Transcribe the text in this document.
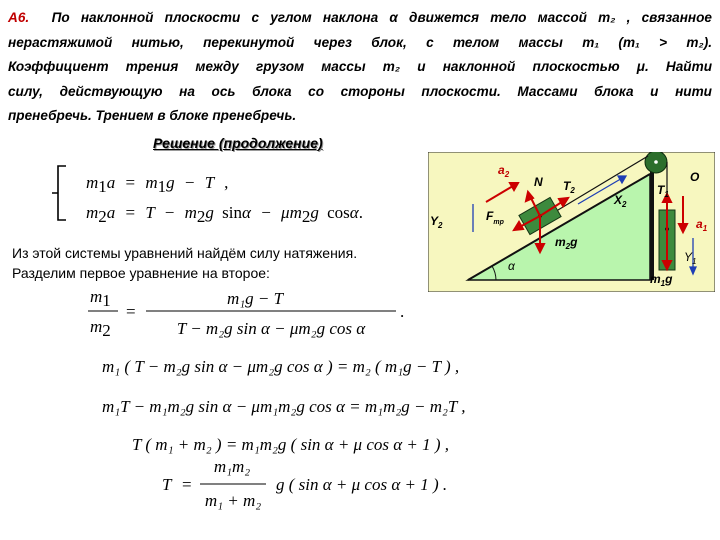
А6. По наклонной плоскости с углом наклона α движется тело массой m₂ , связанное
нерастяжимой нитью, перекинутой через блок, с телом массы m₁ (m₁ > m₂).
Коэффициент трения между грузом массы m₂ и наклонной плоскостью μ. Найти
силу, действующую на ось блока со стороны плоскости. Массами блока и нити
пренебречь. Трением в блоке пренебречь.
Решение (продолжение)
m1a = m1g − T ,
m2a = T − m2g sinα − μm2g cosα.
$a_2$
N $T_2$	$T_1$
O
$X_2$
$Y_2$
$F_{тр}$
$m_2g$
$a_1$
$Y_1$
$m_1g$
α
Из этой системы уравнений найдём силу натяжения.
Разделим первое уравнение на второе:
m1
m2
=
m₁g − T
T − m₂g sin α − μm₂g cos α
.
m₁ ( T − m₂g sin α − μm₂g cos α ) = m₂ ( m₁g − T ) ,
m₁T − m₁m₂g sin α − μm₁m₂g cos α = m₁m₂g − m₂T ,
T ( m₁ + m₂ ) = m₁m₂g ( sin α + μ cos α + 1 ) ,
T =
m₁m₂
m₁ + m₂
g ( sin α + μ cos α + 1 ) .
